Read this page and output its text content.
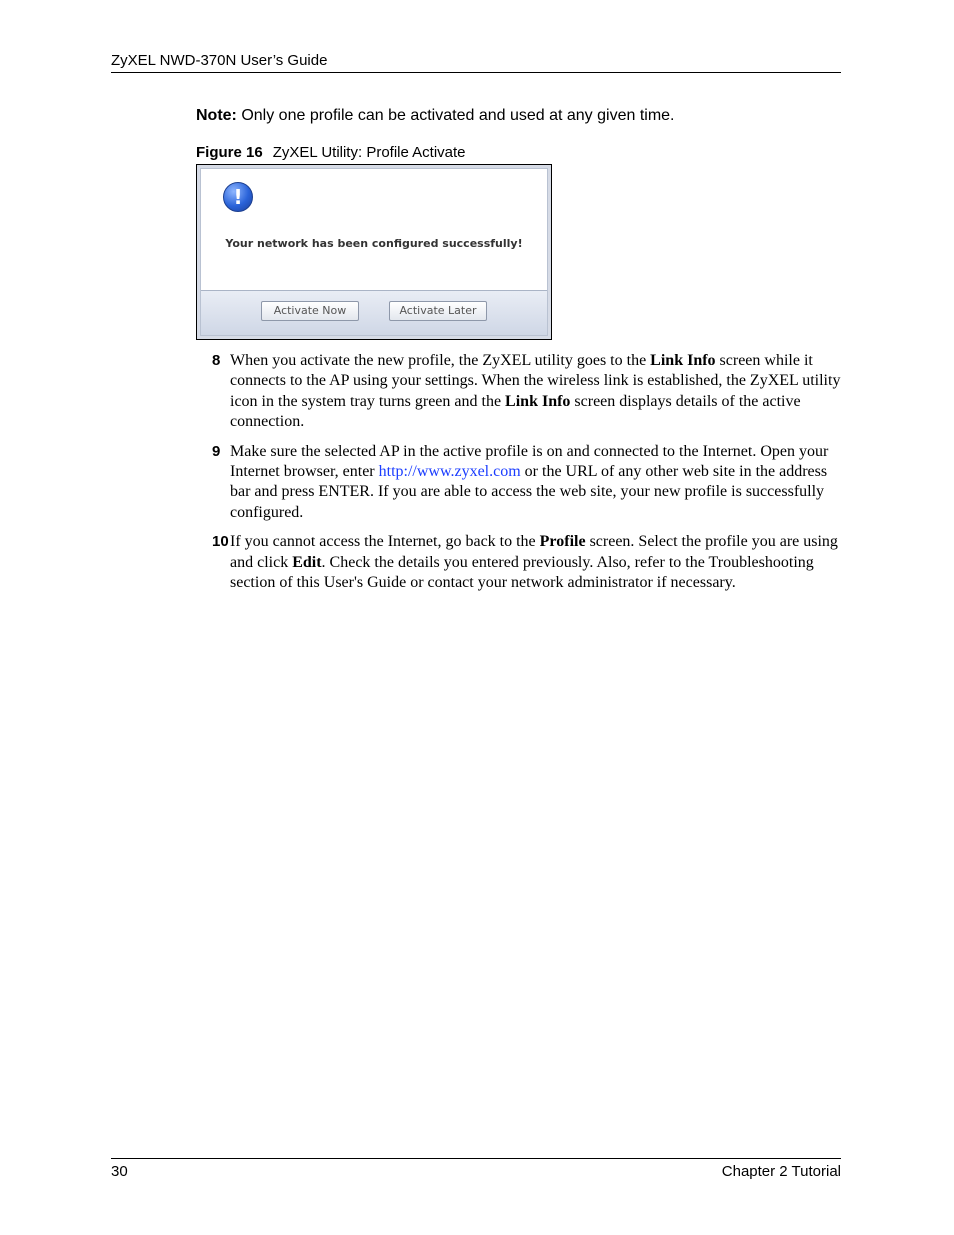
ZyXEL NWD-370N User’s Guide
Note: Only one profile can be activated and used at any given time.
Figure 16 ZyXEL Utility: Profile Activate
!
Your network has been configured successfully!
Activate Now	Activate Later
8 When you activate the new profile, the ZyXEL utility goes to the Link Info screen while it connects to the AP using your settings. When the wireless link is established, the ZyXEL utility icon in the system tray turns green and the Link Info screen displays details of the active connection.
9 Make sure the selected AP in the active profile is on and connected to the Internet. Open your Internet browser, enter http://www.zyxel.com or the URL of any other web site in the address bar and press ENTER. If you are able to access the web site, your new profile is successfully configured.
10 If you cannot access the Internet, go back to the Profile screen. Select the profile you are using and click Edit. Check the details you entered previously. Also, refer to the Troubleshooting section of this User's Guide or contact your network administrator if necessary.
30	Chapter 2 Tutorial
